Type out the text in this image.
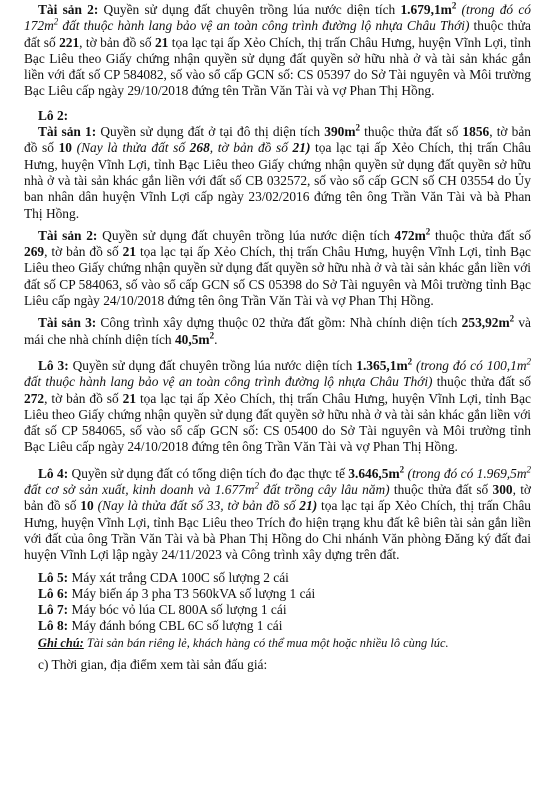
Tài sản 2: Quyền sử dụng đất chuyên trồng lúa nước diện tích $1.679,1m^2$ (trong đó có $172m^2$ đất thuộc hành lang bảo vệ an toàn công trình đường lộ nhựa Châu Thới) thuộc thửa đất số 221, tờ bản đồ số 21 tọa lạc tại ấp Xẻo Chích, thị trấn Châu Hưng, huyện Vĩnh Lợi, tỉnh Bạc Liêu theo Giấy chứng nhận quyền sử dụng đất quyền sở hữu nhà ở và tài sản khác gắn liền với đất số CP 584082, số vào sổ cấp GCN số: CS 05397 do Sở Tài nguyên và Môi trường Bạc Liêu cấp ngày 29/10/2018 đứng tên Trần Văn Tài và vợ Phan Thị Hồng.

Lô 2:

Tài sản 1: Quyền sử dụng đất ở tại đô thị diện tích $390m^2$ thuộc thửa đất số 1856, tờ bản đồ số 10 (Nay là thửa đất số 268, tờ bản đồ số 21) tọa lạc tại ấp Xẻo Chích, thị trấn Châu Hưng, huyện Vĩnh Lợi, tỉnh Bạc Liêu theo Giấy chứng nhận quyền sử dụng đất quyền sở hữu nhà ở và tài sản khác gắn liền với đất số CB 032572, số vào sổ cấp GCN số CH 03554 do Ủy ban nhân dân huyện Vĩnh Lợi cấp ngày 23/02/2016 đứng tên ông Trần Văn Tài và bà Phan Thị Hồng.

Tài sản 2: Quyền sử dụng đất chuyên trồng lúa nước diện tích $472m^2$ thuộc thửa đất số 269, tờ bản đồ số 21 tọa lạc tại ấp Xẻo Chích, thị trấn Châu Hưng, huyện Vĩnh Lợi, tỉnh Bạc Liêu theo Giấy chứng nhận quyền sử dụng đất quyền sở hữu nhà ở và tài sản khác gắn liền với đất số CP 584063, số vào sổ cấp GCN số CS 05398 do Sở Tài nguyên và Môi trường tỉnh Bạc Liêu cấp ngày 24/10/2018 đứng tên ông Trần Văn Tài và vợ Phan Thị Hồng.

Tài sản 3: Công trình xây dựng thuộc 02 thửa đất gồm: Nhà chính diện tích $253,92m^2$ và mái che nhà chính diện tích $40,5m^2$.

Lô 3: Quyền sử dụng đất chuyên trồng lúa nước diện tích $1.365,1m^2$ (trong đó có $100,1m^2$ đất thuộc hành lang bảo vệ an toàn công trình đường lộ nhựa Châu Thới) thuộc thửa đất số 272, tờ bản đồ số 21 tọa lạc tại ấp Xẻo Chích, thị trấn Châu Hưng, huyện Vĩnh Lợi, tỉnh Bạc Liêu theo Giấy chứng nhận quyền sử dụng đất quyền sở hữu nhà ở và tài sản khác gắn liền với đất số CP 584065, số vào sổ cấp GCN số: CS 05400 do Sở Tài nguyên và Môi trường tỉnh Bạc Liêu cấp ngày 24/10/2018 đứng tên ông Trần Văn Tài và vợ Phan Thị Hồng.

Lô 4: Quyền sử dụng đất có tổng diện tích đo đạc thực tế $3.646,5m^2$ (trong đó có $1.969,5m^2$ đất cơ sở sản xuất, kinh doanh và $1.677m^2$ đất trồng cây lâu năm) thuộc thửa đất số 300, tờ bản đồ số 10 (Nay là thửa đất số 33, tờ bản đồ số 21) tọa lạc tại ấp Xẻo Chích, thị trấn Châu Hưng, huyện Vĩnh Lợi, tỉnh Bạc Liêu theo Trích đo hiện trạng khu đất kê biên tài sản gắn liền với đất của ông Trần Văn Tài và bà Phan Thị Hồng do Chi nhánh Văn phòng Đăng ký đất đai huyện Vĩnh Lợi lập ngày 24/11/2023 và Công trình xây dựng trên đất.

Lô 5: Máy xát trắng CDA 100C số lượng 2 cái

Lô 6: Máy biến áp 3 pha T3 560kVA số lượng 1 cái

Lô 7: Máy bóc vỏ lúa CL 800A số lượng 1 cái

Lô 8: Máy đánh bóng CBL 6C số lượng 1 cái

Ghi chú: Tài sản bán riêng lẻ, khách hàng có thể mua một hoặc nhiều lô cùng lúc.

c) Thời gian, địa điểm xem tài sản đấu giá:
